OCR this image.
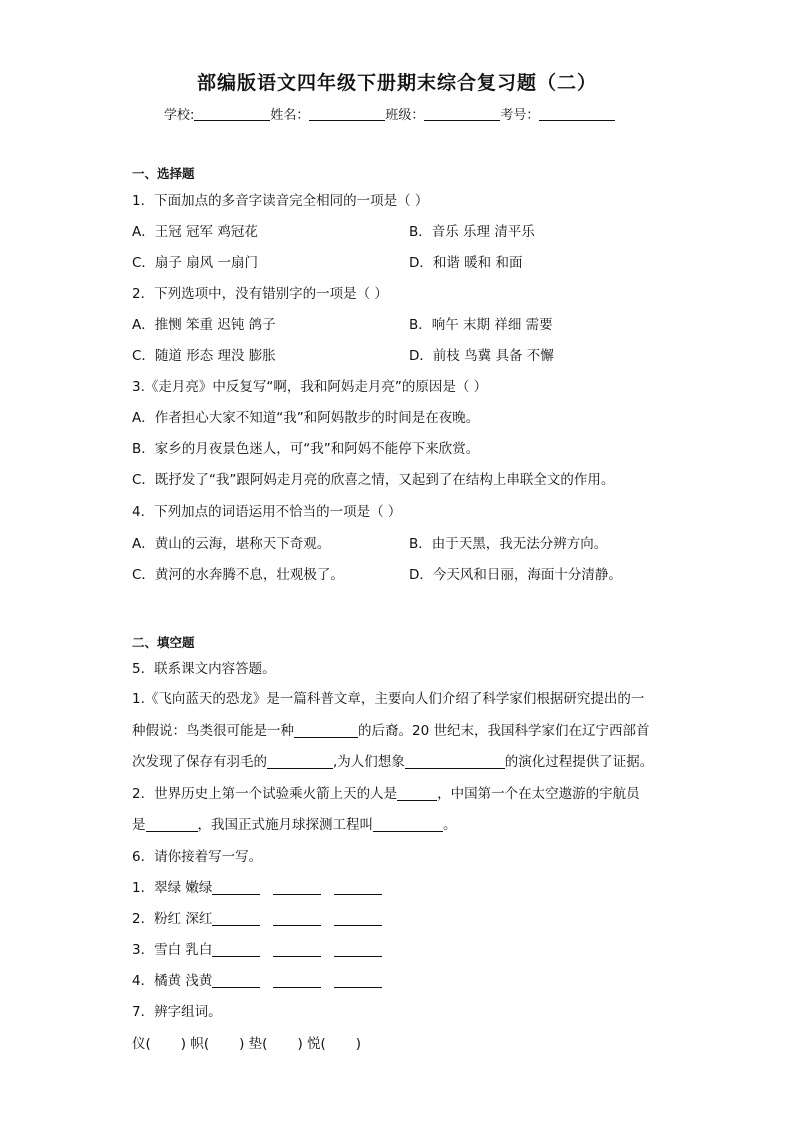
部编版语文四年级下册期末综合复习题（二）
学校:	姓名：	班级：	考号：
一、选择题
1．下面加点的多音字读音完全相同的一项是（ ）
A．王冠 冠军 鸡冠花	B．音乐 乐理 清平乐
C．扇子 扇风 一扇门	D．和谐 暖和 和面
2．下列选项中，没有错别字的一项是（ ）
A．推恻 笨重 迟钝 鸽子	B．响午 末期 祥细 需要
C．随道 形态 理没 膨胀	D．前枝 鸟冀 具备 不懈
3.《走月亮》中反复写“啊，我和阿妈走月亮”的原因是（ ）
A．作者担心大家不知道“我”和阿妈散步的时间是在夜晚。
B．家乡的月夜景色迷人，可“我”和阿妈不能停下来欣赏。
C．既抒发了“我”跟阿妈走月亮的欣喜之情，又起到了在结构上串联全文的作用。
4．下列加点的词语运用不恰当的一项是（ ）
A．黄山的云海，堪称天下奇观。	B．由于天黑，我无法分辨方向。
C．黄河的水奔腾不息，壮观极了。	D．今天风和日丽，海面十分清静。
二、填空题
5．联系课文内容答题。
1.《飞向蓝天的恐龙》是一篇科普文章，主要向人们介绍了科学家们根据研究提出的一
种假说：鸟类很可能是一种	的后裔。20 世纪末，我国科学家们在辽宁西部首
次发现了保存有羽毛的	,为人们想象	的演化过程提供了证据。
2．世界历史上第一个试验乘火箭上天的人是	，中国第一个在太空遨游的宇航员
是	，我国正式施月球探测工程叫	。
6．请你接着写一写。
1．翠绿 嫩绿
2．粉红 深红
3．雪白 乳白
4．橘黄 浅黄
7．辨字组词。
仪( ) 帜( ) 垫( ) 悦( )
